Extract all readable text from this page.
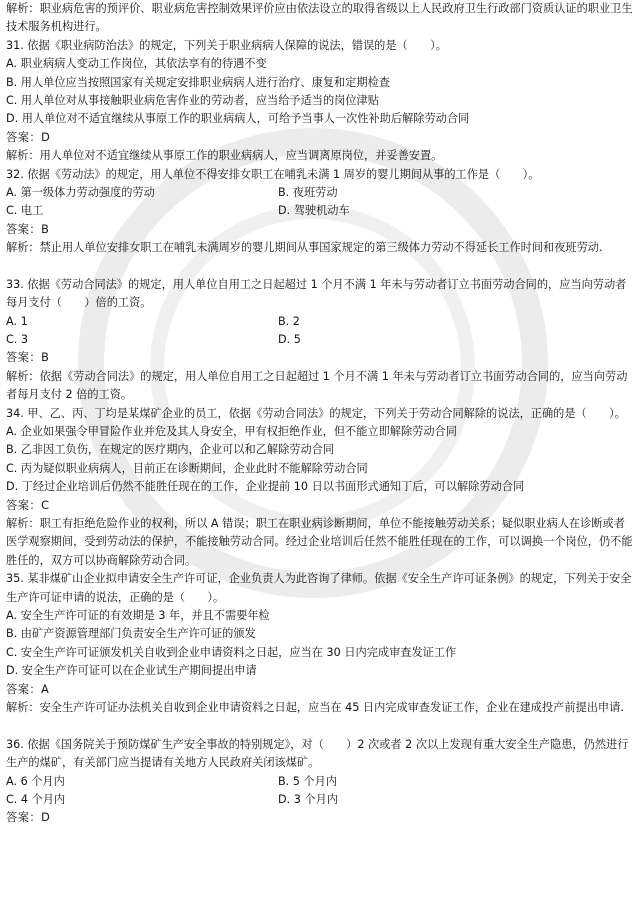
解析：职业病危害的预评价、职业病危害控制效果评价应由依法设立的取得省级以上人民政府卫生行政部门资质认证的职业卫生技术服务机构进行。
31. 依据《职业病防治法》的规定，下列关于职业病病人保障的说法，错误的是（　　）。
A. 职业病病人变动工作岗位，其依法享有的待遇不变
B. 用人单位应当按照国家有关规定安排职业病病人进行治疗、康复和定期检查
C. 用人单位对从事接触职业病危害作业的劳动者，应当给予适当的岗位津贴
D. 用人单位对不适宜继续从事原工作的职业病病人，可给予当事人一次性补助后解除劳动合同
答案：D
解析：用人单位对不适宜继续从事原工作的职业病病人，应当调离原岗位，并妥善安置。
32. 依据《劳动法》的规定，用人单位不得安排女职工在哺乳未满 1 周岁的婴儿期间从事的工作是（　　）。
A. 第一级体力劳动强度的劳动	B. 夜班劳动
C. 电工	D. 驾驶机动车
答案：B
解析：禁止用人单位安排女职工在哺乳未满周岁的婴儿期间从事国家规定的第三级体力劳动不得延长工作时间和夜班劳动.
33. 依据《劳动合同法》的规定，用人单位自用工之日起超过 1 个月不满 1 年未与劳动者订立书面劳动合同的，应当向劳动者每月支付（　　）倍的工资。
A. 1	B. 2
C. 3	D. 5
答案：B
解析：依据《劳动合同法》的规定，用人单位自用工之日起超过 1 个月不满 1 年未与劳动者订立书面劳动合同的，应当向劳动者每月支付 2 倍的工资。
34. 甲、乙、丙、丁均是某煤矿企业的员工，依据《劳动合同法》的规定，下列关于劳动合同解除的说法，正确的是（　　）。
A. 企业如果强令甲冒险作业并危及其人身安全，甲有权拒绝作业，但不能立即解除劳动合同
B. 乙非因工负伤，在规定的医疗期内，企业可以和乙解除劳动合同
C. 丙为疑似职业病病人，目前正在诊断期间，企业此时不能解除劳动合同
D. 丁经过企业培训后仍然不能胜任现在的工作，企业提前 10 日以书面形式通知丁后，可以解除劳动合同
答案：C
解析：职工有拒绝危险作业的权利，所以 A 错误；职工在职业病诊断期间，单位不能接触劳动关系；疑似职业病人在诊断或者医学观察期间，受到劳动法的保护，不能接触劳动合同。经过企业培训后任然不能胜任现在的工作，可以调换一个岗位，仍不能胜任的，双方可以协商解除劳动合同。
35. 某非煤矿山企业拟申请安全生产许可证，企业负责人为此咨询了律师。依据《安全生产许可证条例》的规定，下列关于安全生产许可证申请的说法，正确的是（　　）。
A. 安全生产许可证的有效期是 3 年，并且不需要年检
B. 由矿产资源管理部门负责安全生产许可证的颁发
C. 安全生产许可证颁发机关自收到企业申请资料之日起，应当在 30 日内完成审查发证工作
D. 安全生产许可证可以在企业试生产期间提出申请
答案：A
解析：安全生产许可证办法机关自收到企业申请资料之日起，应当在 45 日内完成审查发证工作，企业在建成投产前提出申请.
36. 依据《国务院关于预防煤矿生产安全事故的特别规定》，对（　　）2 次或者 2 次以上发现有重大安全生产隐患，仍然进行生产的煤矿，有关部门应当提请有关地方人民政府关闭该煤矿。
A. 6 个月内	B. 5 个月内
C. 4 个月内	D. 3 个月内
答案：D
